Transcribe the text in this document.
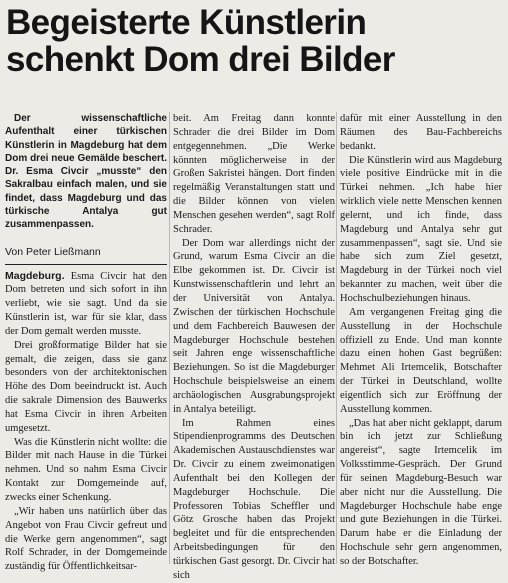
Begeisterte Künstlerin
schenkt Dom drei Bilder

Der wissenschaftliche Aufenthalt einer türkischen Künstlerin in Magdeburg hat dem Dom drei neue Gemälde beschert. Dr. Esma Civcir „musste“ den Sakralbau einfach malen, und sie findet, dass Magdeburg und das türkische Antalya gut zusammenpassen.

Von Peter Ließmann

Magdeburg. Esma Civcir hat den Dom betreten und sich sofort in ihn verliebt, wie sie sagt. Und da sie Künstlerin ist, war für sie klar, dass der Dom gemalt werden musste.

Drei großformatige Bilder hat sie gemalt, die zeigen, dass sie ganz besonders von der architektonischen Höhe des Dom beeindruckt ist. Auch die sakrale Dimension des Bauwerks hat Esma Civcir in ihren Arbeiten umgesetzt.

Was die Künstlerin nicht wollte: die Bilder mit nach Hause in die Türkei nehmen. Und so nahm Esma Civcir Kontakt zur Domgemeinde auf, zwecks einer Schenkung.

„Wir haben uns natürlich über das Angebot von Frau Civcir gefreut und die Werke gern angenommen“, sagt Rolf Schrader, in der Domgemeinde zuständig für Öffentlichkeitsar-

beit. Am Freitag dann konnte Schrader die drei Bilder im Dom entgegennehmen. „Die Werke könnten möglicherweise in der Großen Sakristei hängen. Dort finden regelmäßig Veranstaltungen statt und die Bilder können von vielen Menschen gesehen werden“, sagt Rolf Schrader.

Der Dom war allerdings nicht der Grund, warum Esma Civcir an die Elbe gekommen ist. Dr. Civcir ist Kunstwissenschaftlerin und lehrt an der Universität von Antalya. Zwischen der türkischen Hochschule und dem Fachbereich Bauwesen der Magdeburger Hochschule bestehen seit Jahren enge wissenschaftliche Beziehungen. So ist die Magdeburger Hochschule beispielsweise an einem archäologischen Ausgrabungsprojekt in Antalya beteiligt.

Im Rahmen eines Stipendienprogramms des Deutschen Akademischen Austauschdienstes war Dr. Civcir zu einem zweimonatigen Aufenthalt bei den Kollegen der Magdeburger Hochschule. Die Professoren Tobias Scheffler und Götz Grosche haben das Projekt begleitet und für die entsprechenden Arbeitsbedingungen für den türkischen Gast gesorgt. Dr. Civcir hat sich

dafür mit einer Ausstellung in den Räumen des Bau-Fachbereichs bedankt.

Die Künstlerin wird aus Magdeburg viele positive Eindrücke mit in die Türkei nehmen. „Ich habe hier wirklich viele nette Menschen kennen gelernt, und ich finde, dass Magdeburg und Antalya sehr gut zusammenpassen“, sagt sie. Und sie habe sich zum Ziel gesetzt, Magdeburg in der Türkei noch viel bekannter zu machen, weit über die Hochschulbeziehungen hinaus.

Am vergangenen Freitag ging die Ausstellung in der Hochschule offiziell zu Ende. Und man konnte dazu einen hohen Gast begrüßen: Mehmet Ali Irtemcelik, Botschafter der Türkei in Deutschland, wollte eigentlich sich zur Eröffnung der Ausstellung kommen.

„Das hat aber nicht geklappt, darum bin ich jetzt zur Schließung angereist“, sagte Irtemcelik im Volksstimme-Gespräch. Der Grund für seinen Magdeburg-Besuch war aber nicht nur die Ausstellung. Die Magdeburger Hochschule habe enge und gute Beziehungen in die Türkei. Darum habe er die Einladung der Hochschule sehr gern angenommen, so der Botschafter.
